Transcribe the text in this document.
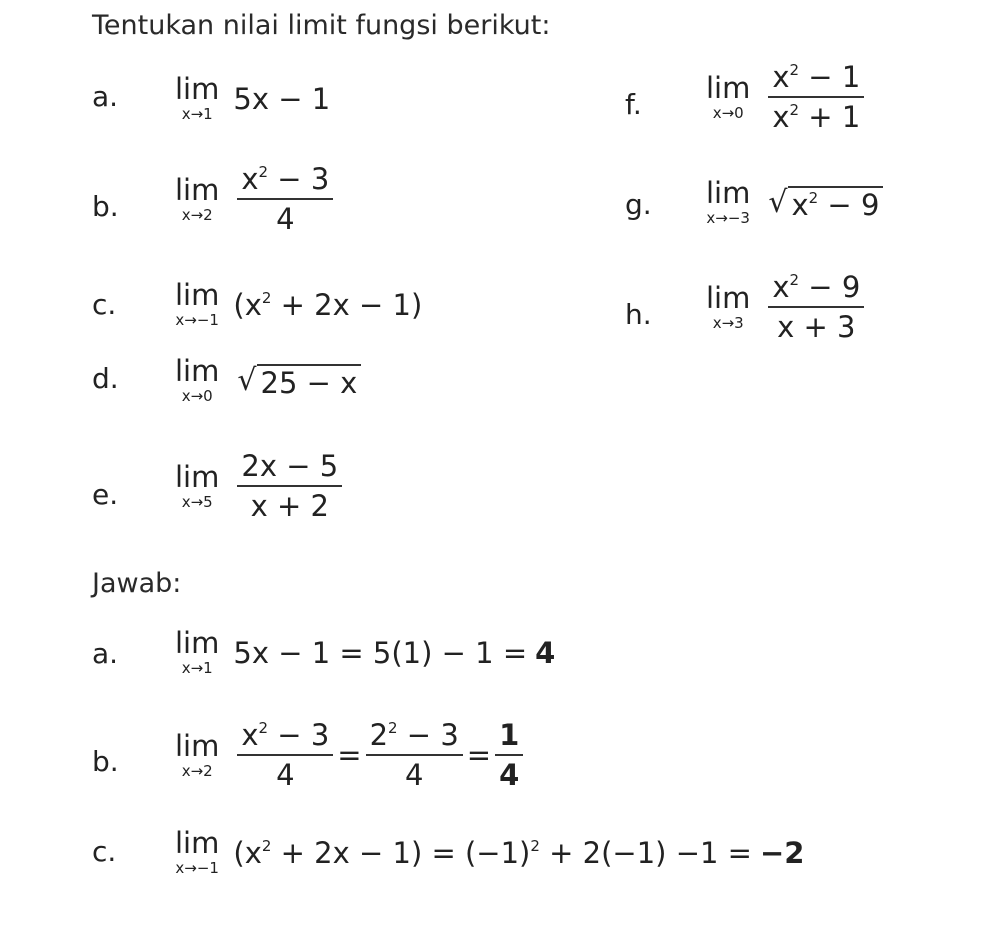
Tentukan nilai limit fungsi berikut:
a. lim
x→1 5x − 1
b. lim
$x\to 2 \frac{x^2 - 3}{4}$
c. lim
x→−1 $(x^2 + 2x - 1)$
d. lim
x→0 √ 25 − x
e.
lim
$x\to 5 \frac{2x - 5}{x + 2}$
f. lim
$x\to 0 \frac{x^2 - 1}{x^2 + 1}$
g. lim
x→−3 √ $x^2 - 9$
h. lim
$x\to 3 \frac{x^2 - 9}{x + 3}$
Jawab:
a. lim
x→1 5x − 1 = 5(1) − 1 = 4
b. lim
$x\to 2 \frac{x^2 - 3}{4} = \frac{2^2 - 3}{4} = \frac{1}{4}$
c. lim
x→−1 $(x^2 + 2x - 1) = (-1)^2 + 2(-1) -1 = -2$
